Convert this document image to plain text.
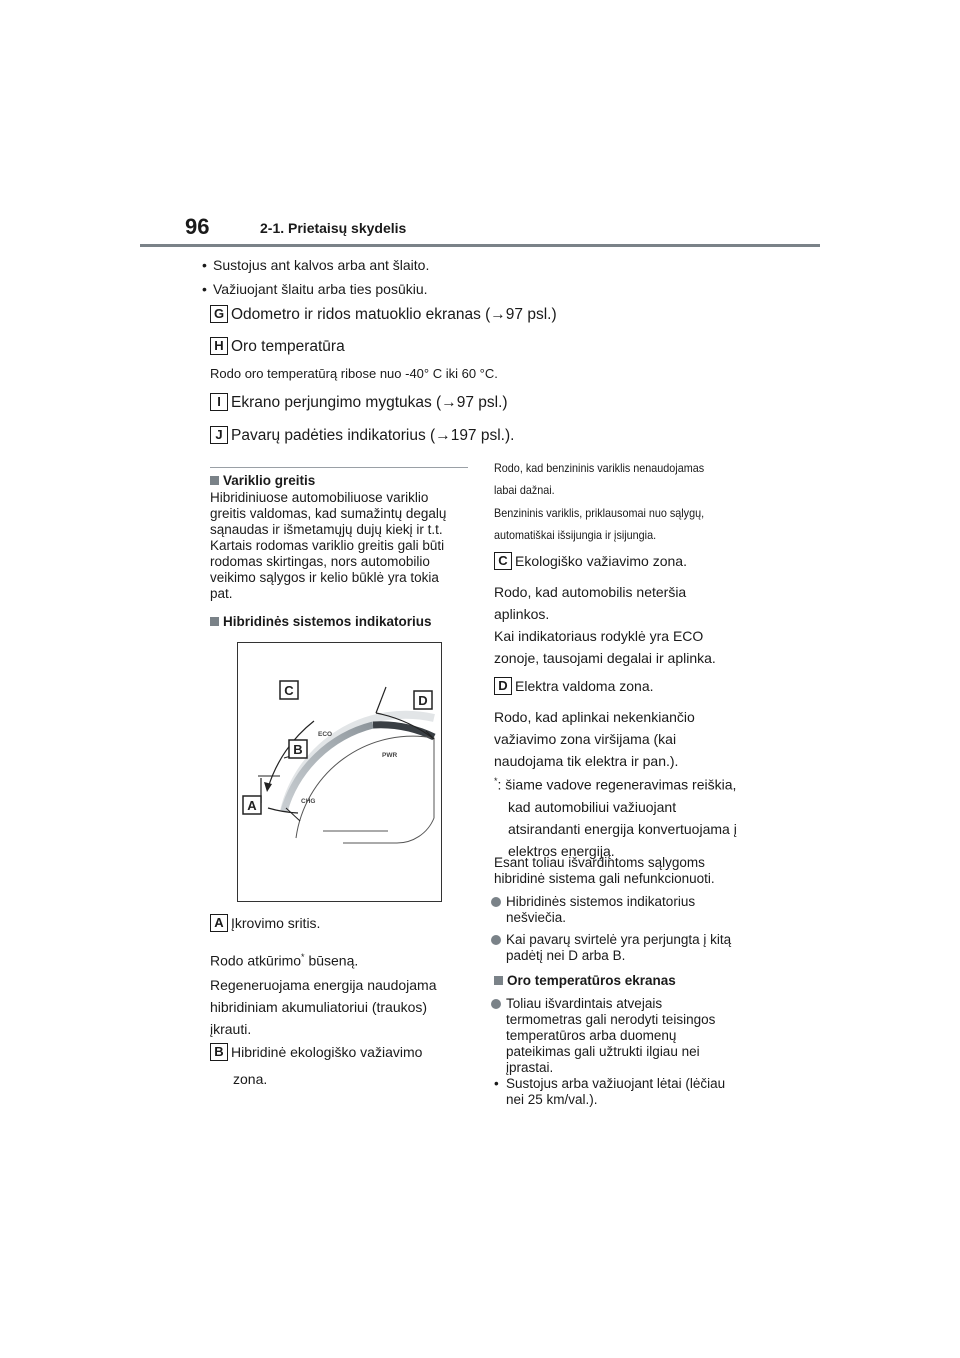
96	2-1. Prietaisų skydelis
• Sustojus ant kalvos arba ant šlaito.
• Važiuojant šlaitu arba ties posūkiu.
G Odometro ir ridos matuoklio ekranas (→97 psl.)
H Oro temperatūra
Rodo oro temperatūrą ribose nuo -40° C iki 60 °C.
I Ekrano perjungimo mygtukas (→97 psl.)
J Pavarų padėties indikatorius (→197 psl.).
Variklio greitis
Hibridiniuose automobiliuose variklio
greitis valdomas, kad sumažintų degalų
sąnaudas ir išmetamųjų dujų kiekį ir t.t.
Kartais rodomas variklio greitis gali būti
rodomas skirtingas, nors automobilio
veikimo sąlygos ir kelio būklė yra tokia
pat.
Hibridinės sistemos indikatorius
C
D
B
A
ECO
PWR
CHG
A Įkrovimo sritis.
Rodo atkūrimo* būseną.
Regeneruojama energija naudojama
hibridiniam akumuliatoriui (traukos)
įkrauti.
B Hibridinė ekologiško važiavimo
zona.
Rodo, kad benzininis variklis nenaudojamas
labai dažnai.
Benzininis variklis, priklausomai nuo sąlygų,
automatiškai išsijungia ir įsijungia.
C Ekologiško važiavimo zona.
Rodo, kad automobilis neteršia
aplinkos.
Kai indikatoriaus rodyklė yra ECO
zonoje, tausojami degalai ir aplinka.
D Elektra valdoma zona.
Rodo, kad aplinkai nekenkiančio
važiavimo zona viršijama (kai
naudojama tik elektra ir pan.).
*: šiame vadove regeneravimas reiškia,
kad automobiliui važiuojant
atsirandanti energija konvertuojama į
elektros energiją.
Esant toliau išvardintoms sąlygoms
hibridinė sistema gali nefunkcionuoti.
Hibridinės sistemos indikatorius
nešviečia.
Kai pavarų svirtelė yra perjungta į kitą
padėtį nei D arba B.
Oro temperatūros ekranas
Toliau išvardintais atvejais
termometras gali nerodyti teisingos
temperatūros arba duomenų
pateikimas gali užtrukti ilgiau nei
įprastai.
• Sustojus arba važiuojant lėtai (lėčiau
nei 25 km/val.).
